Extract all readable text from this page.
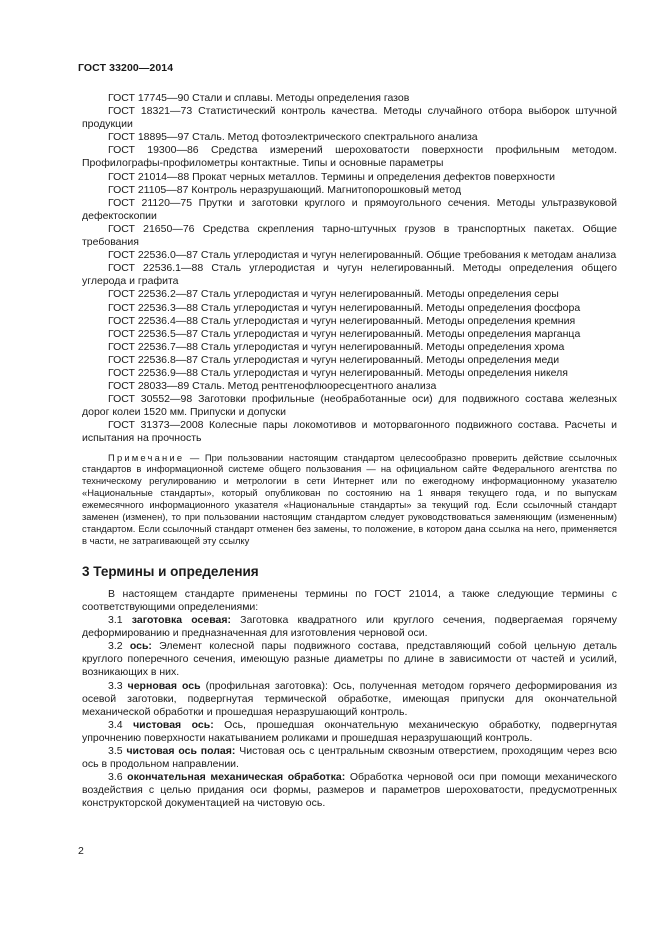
ГОСТ 33200—2014

ГОСТ 17745—90 Стали и сплавы. Методы определения газов

ГОСТ 18321—73 Статистический контроль качества. Методы случайного отбора выборок штучной продукции

ГОСТ 18895—97 Сталь. Метод фотоэлектрического спектрального анализа

ГОСТ 19300—86 Средства измерений шероховатости поверхности профильным методом. Профилографы-профилометры контактные. Типы и основные параметры

ГОСТ 21014—88 Прокат черных металлов. Термины и определения дефектов поверхности

ГОСТ 21105—87 Контроль неразрушающий. Магнитопорошковый метод

ГОСТ 21120—75 Прутки и заготовки круглого и прямоугольного сечения. Методы ультразвуковой дефектоскопии

ГОСТ 21650—76 Средства скрепления тарно-штучных грузов в транспортных пакетах. Общие требования

ГОСТ 22536.0—87 Сталь углеродистая и чугун нелегированный. Общие требования к методам анализа

ГОСТ 22536.1—88 Сталь углеродистая и чугун нелегированный. Методы определения общего углерода и графита

ГОСТ 22536.2—87 Сталь углеродистая и чугун нелегированный. Методы определения серы

ГОСТ 22536.3—88 Сталь углеродистая и чугун нелегированный. Методы определения фосфора

ГОСТ 22536.4—88 Сталь углеродистая и чугун нелегированный. Методы определения кремния

ГОСТ 22536.5—87 Сталь углеродистая и чугун нелегированный. Методы определения марганца

ГОСТ 22536.7—88 Сталь углеродистая и чугун нелегированный. Методы определения хрома

ГОСТ 22536.8—87 Сталь углеродистая и чугун нелегированный. Методы определения меди

ГОСТ 22536.9—88 Сталь углеродистая и чугун нелегированный. Методы определения никеля

ГОСТ 28033—89 Сталь. Метод рентгенофлюоресцентного анализа

ГОСТ 30552—98 Заготовки профильные (необработанные оси) для подвижного состава железных дорог колеи 1520 мм. Припуски и допуски

ГОСТ 31373—2008 Колесные пары локомотивов и моторвагонного подвижного состава. Расчеты и испытания на прочность

Примечание — При пользовании настоящим стандартом целесообразно проверить действие ссылочных стандартов в информационной системе общего пользования — на официальном сайте Федерального агентства по техническому регулированию и метрологии в сети Интернет или по ежегодному информационному указателю «Национальные стандарты», который опубликован по состоянию на 1 января текущего года, и по выпускам ежемесячного информационного указателя «Национальные стандарты» за текущий год. Если ссылочный стандарт заменен (изменен), то при пользовании настоящим стандартом следует руководствоваться заменяющим (измененным) стандартом. Если ссылочный стандарт отменен без замены, то положение, в котором дана ссылка на него, применяется в части, не затрагивающей эту ссылку

3 Термины и определения

В настоящем стандарте применены термины по ГОСТ 21014, а также следующие термины с соответствующими определениями:

3.1 заготовка осевая: Заготовка квадратного или круглого сечения, подвергаемая горячему деформированию и предназначенная для изготовления черновой оси.

3.2 ось: Элемент колесной пары подвижного состава, представляющий собой цельную деталь круглого поперечного сечения, имеющую разные диаметры по длине в зависимости от частей и усилий, возникающих в них.

3.3 черновая ось (профильная заготовка): Ось, полученная методом горячего деформирования из осевой заготовки, подвергнутая термической обработке, имеющая припуски для окончательной механической обработки и прошедшая неразрушающий контроль.

3.4 чистовая ось: Ось, прошедшая окончательную механическую обработку, подвергнутая упрочнению поверхности накатыванием роликами и прошедшая неразрушающий контроль.

3.5 чистовая ось полая: Чистовая ось с центральным сквозным отверстием, проходящим через всю ось в продольном направлении.

3.6 окончательная механическая обработка: Обработка черновой оси при помощи механического воздействия с целью придания оси формы, размеров и параметров шероховатости, предусмотренных конструкторской документацией на чистовую ось.

2
